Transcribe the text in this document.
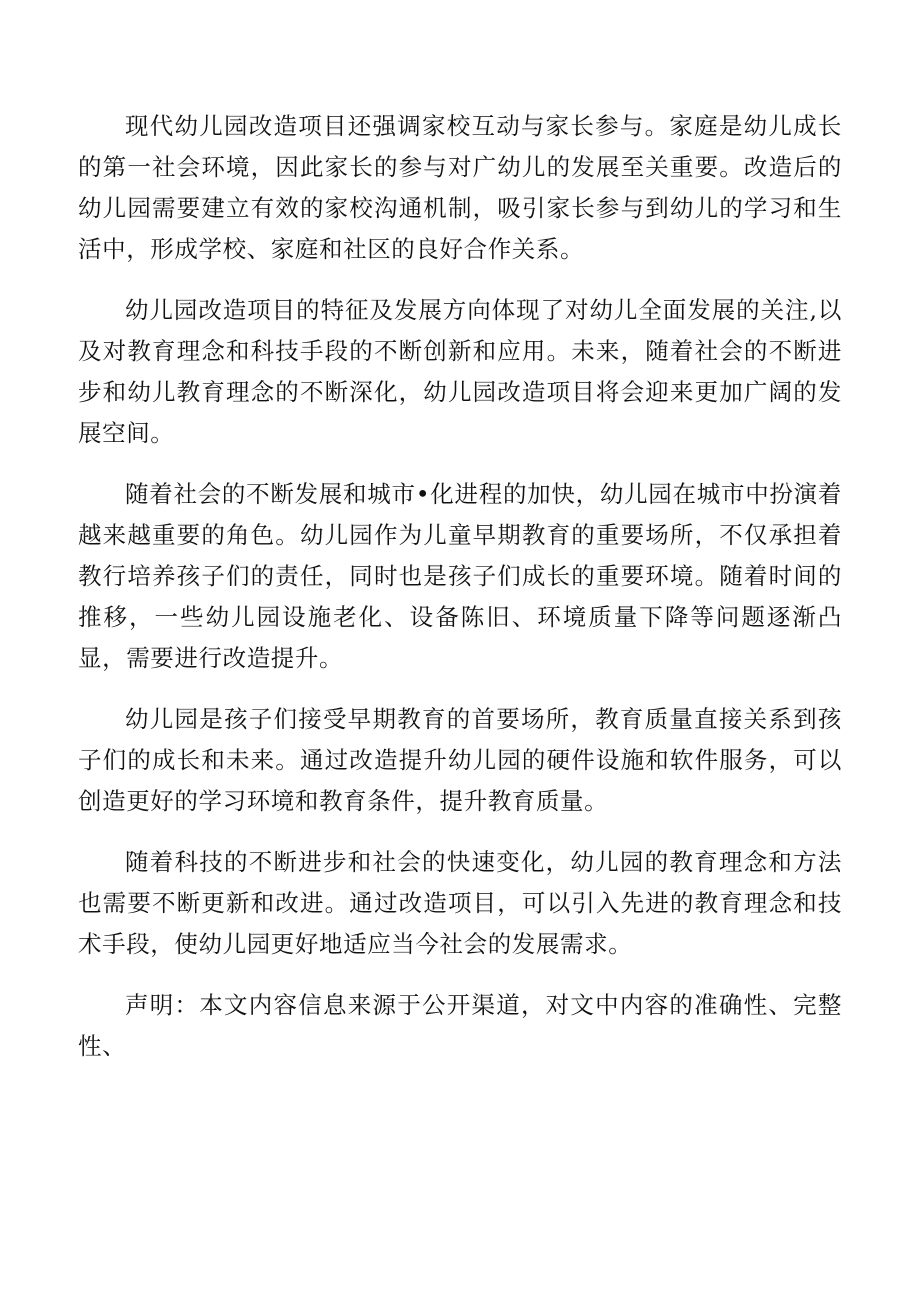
现代幼儿园改造项目还强调家校互动与家长参与。家庭是幼儿成长的第一社会环境，因此家长的参与对广幼儿的发展至关重要。改造后的幼儿园需要建立有效的家校沟通机制，吸引家长参与到幼儿的学习和生活中，形成学校、家庭和社区的良好合作关系。

幼儿园改造项目的特征及发展方向体现了对幼儿全面发展的关注,以及对教育理念和科技手段的不断创新和应用。未来，随着社会的不断进步和幼儿教育理念的不断深化，幼儿园改造项目将会迎来更加广阔的发展空间。

随着社会的不断发展和城市•化进程的加快，幼儿园在城市中扮演着越来越重要的角色。幼儿园作为儿童早期教育的重要场所，不仅承担着教行培养孩子们的责任，同时也是孩子们成长的重要环境。随着时间的推移，一些幼儿园设施老化、设备陈旧、环境质量下降等问题逐渐凸显，需要进行改造提升。

幼儿园是孩子们接受早期教育的首要场所，教育质量直接关系到孩子们的成长和未来。通过改造提升幼儿园的硬件设施和软件服务，可以创造更好的学习环境和教育条件，提升教育质量。

随着科技的不断进步和社会的快速变化，幼儿园的教育理念和方法也需要不断更新和改进。通过改造项目，可以引入先进的教育理念和技术手段，使幼儿园更好地适应当今社会的发展需求。

声明：本文内容信息来源于公开渠道，对文中内容的准确性、完整性、
